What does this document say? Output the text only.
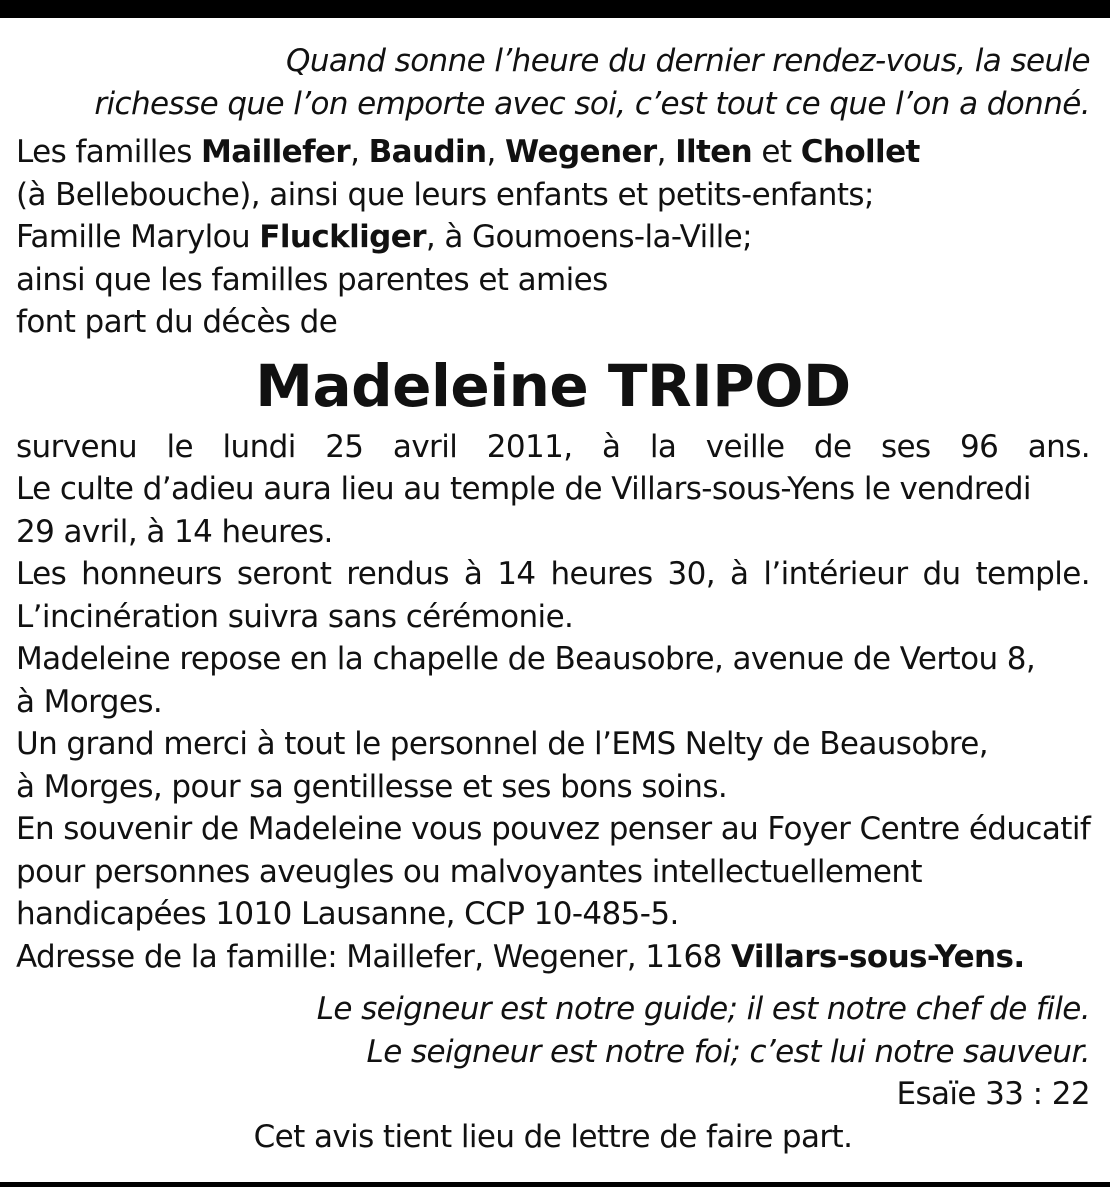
Quand sonne l’heure du dernier rendez-vous, la seule
richesse que l’on emporte avec soi, c’est tout ce que l’on a donné.
Les familles Maillefer, Baudin, Wegener, Ilten et Chollet
(à Bellebouche), ainsi que leurs enfants et petits-enfants;
Famille Marylou Fluckliger, à Goumoens-la-Ville;
ainsi que les familles parentes et amies
font part du décès de
Madeleine TRIPOD
survenu le lundi 25 avril 2011, à la veille de ses 96 ans.
Le culte d’adieu aura lieu au temple de Villars-sous-Yens le vendredi
29 avril, à 14 heures.
Les honneurs seront rendus à 14 heures 30, à l’intérieur du temple.
L’incinération suivra sans cérémonie.
Madeleine repose en la chapelle de Beausobre, avenue de Vertou 8,
à Morges.
Un grand merci à tout le personnel de l’EMS Nelty de Beausobre,
à Morges, pour sa gentillesse et ses bons soins.
En souvenir de Madeleine vous pouvez penser au Foyer Centre éducatif
pour personnes aveugles ou malvoyantes intellectuellement
handicapées 1010 Lausanne, CCP 10-485-5.
Adresse de la famille: Maillefer, Wegener, 1168 Villars-sous-Yens.
Le seigneur est notre guide; il est notre chef de file.
Le seigneur est notre foi; c’est lui notre sauveur.
Esaïe 33 : 22
Cet avis tient lieu de lettre de faire part.
